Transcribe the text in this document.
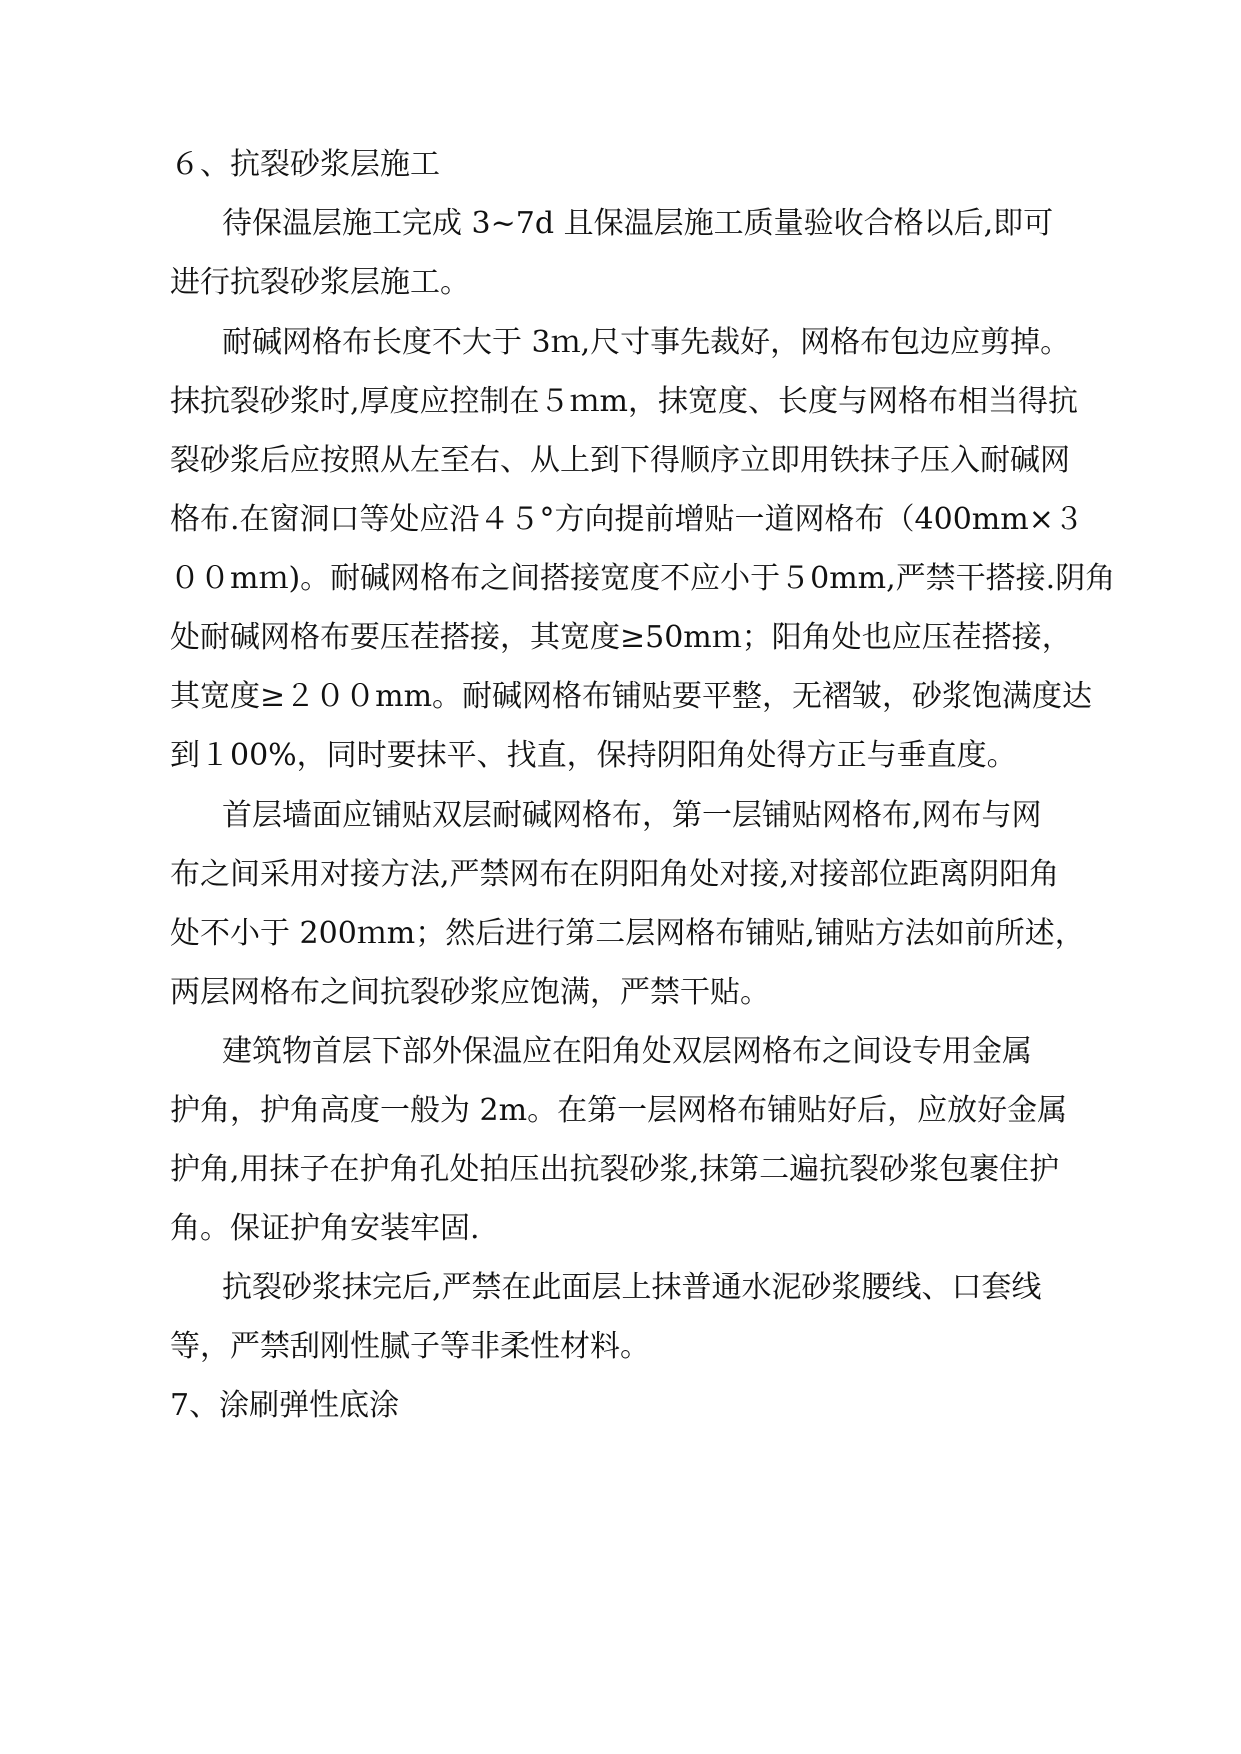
６、抗裂砂浆层施工
待保温层施工完成 3~7d 且保温层施工质量验收合格以后,即可
进行抗裂砂浆层施工。
耐碱网格布长度不大于 3ｍ,尺寸事先裁好，网格布包边应剪掉。
抹抗裂砂浆时,厚度应控制在５ｍm，抹宽度、长度与网格布相当得抗
裂砂浆后应按照从左至右、从上到下得顺序立即用铁抹子压入耐碱网
格布.在窗洞口等处应沿４５°方向提前增贴一道网格布（400mm×３
００mｍ)。耐碱网格布之间搭接宽度不应小于５0mm,严禁干搭接.阴角
处耐碱网格布要压茬搭接，其宽度≥50mｍ；阳角处也应压茬搭接，
其宽度≥２００mm。耐碱网格布铺贴要平整，无褶皱，砂浆饱满度达
到１00%，同时要抹平、找直，保持阴阳角处得方正与垂直度。
首层墙面应铺贴双层耐碱网格布，第一层铺贴网格布,网布与网
布之间采用对接方法,严禁网布在阴阳角处对接,对接部位距离阴阳角
处不小于 200ｍm；然后进行第二层网格布铺贴,铺贴方法如前所述，
两层网格布之间抗裂砂浆应饱满，严禁干贴。
建筑物首层下部外保温应在阳角处双层网格布之间设专用金属
护角，护角高度一般为 2m。在第一层网格布铺贴好后，应放好金属
护角,用抹子在护角孔处拍压出抗裂砂浆,抹第二遍抗裂砂浆包裹住护
角。保证护角安装牢固.
抗裂砂浆抹完后,严禁在此面层上抹普通水泥砂浆腰线、口套线
等，严禁刮刚性腻子等非柔性材料。
7、涂刷弹性底涂
